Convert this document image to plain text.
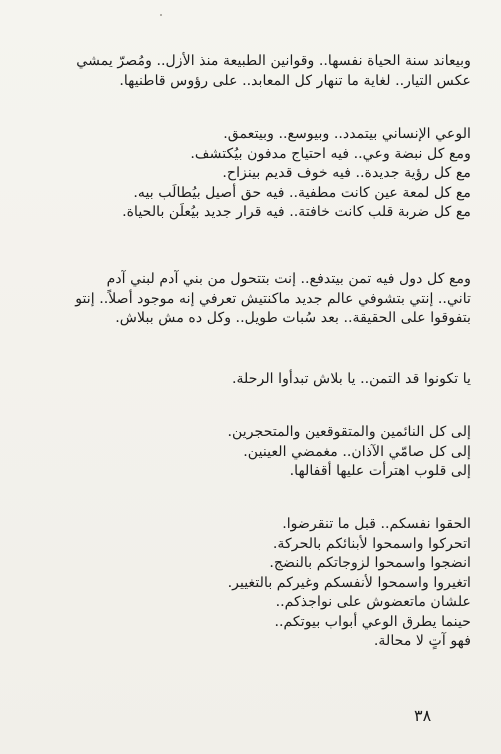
وبيعاند سنة الحياة نفسها.. وقوانين الطبيعة منذ الأزل.. ومُصرّ يمشي
عكس التيار.. لغاية ما تنهار كل المعابد.. على رؤوس قاطنيها.
الوعي الإنساني بيتمدد.. وبيوسع.. وبيتعمق.
ومع كل نبضة وعي.. فيه احتياج مدفون بيُكتشف.
مع كل رؤية جديدة.. فيه خوف قديم بينزاح.
مع كل لمعة عين كانت مطفية.. فيه حق أصيل بيُطالَب بيه.
مع كل ضربة قلب كانت خافتة.. فيه قرار جديد بيُعلَن بالحياة.
ومع كل دول فيه تمن بيتدفع.. إنت بتتحول من بني آدم لبني آدم
تاني.. إنتي بتشوفي عالم جديد ماكنتيش تعرفي إنه موجود أصلاً.. إنتو
بتفوقوا على الحقيقة.. بعد سُبات طويل.. وكل ده مش ببلاش.
يا تكونوا قد التمن.. يا بلاش تبدأوا الرحلة.
إلى كل النائمين والمتقوقعين والمتحجرين.
إلى كل صامّي الآذان.. مغمضي العينين.
إلى قلوب اهترأت عليها أقفالها.
الحقوا نفسكم.. قبل ما تنقرضوا.
اتحركوا واسمحوا لأبنائكم بالحركة.
انضجوا واسمحوا لزوجاتكم بالنضج.
اتغيروا واسمحوا لأنفسكم وغيركم بالتغيير.
علشان ماتعضوش على نواجذكم..
حينما يطرق الوعي أبواب بيوتكم..
فهو آتٍ لا محالة.
٣٨
